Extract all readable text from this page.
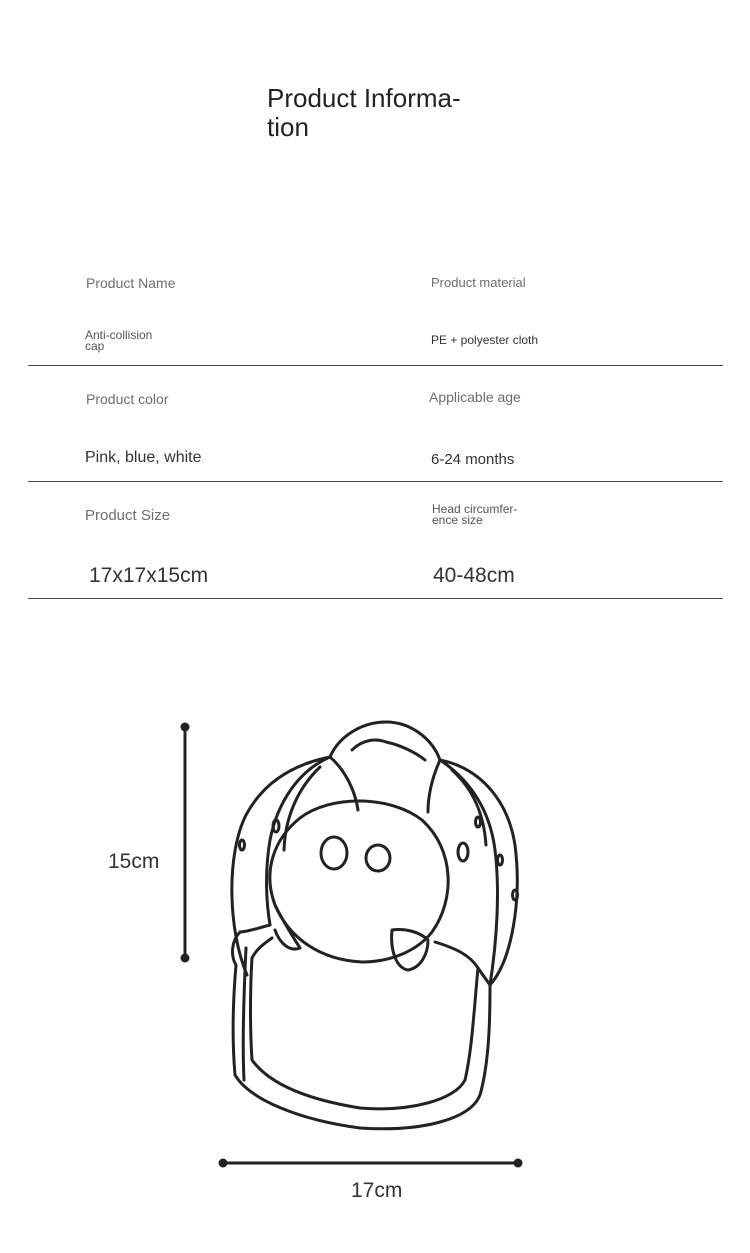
Product Informa- tion
Product Name
Anti-collision cap
Product material
PE + polyester cloth
Product color
Pink, blue, white
Applicable age
6-24 months
Product Size
17x17x15cm
Head circumfer- ence size
40-48cm
15cm
17cm
